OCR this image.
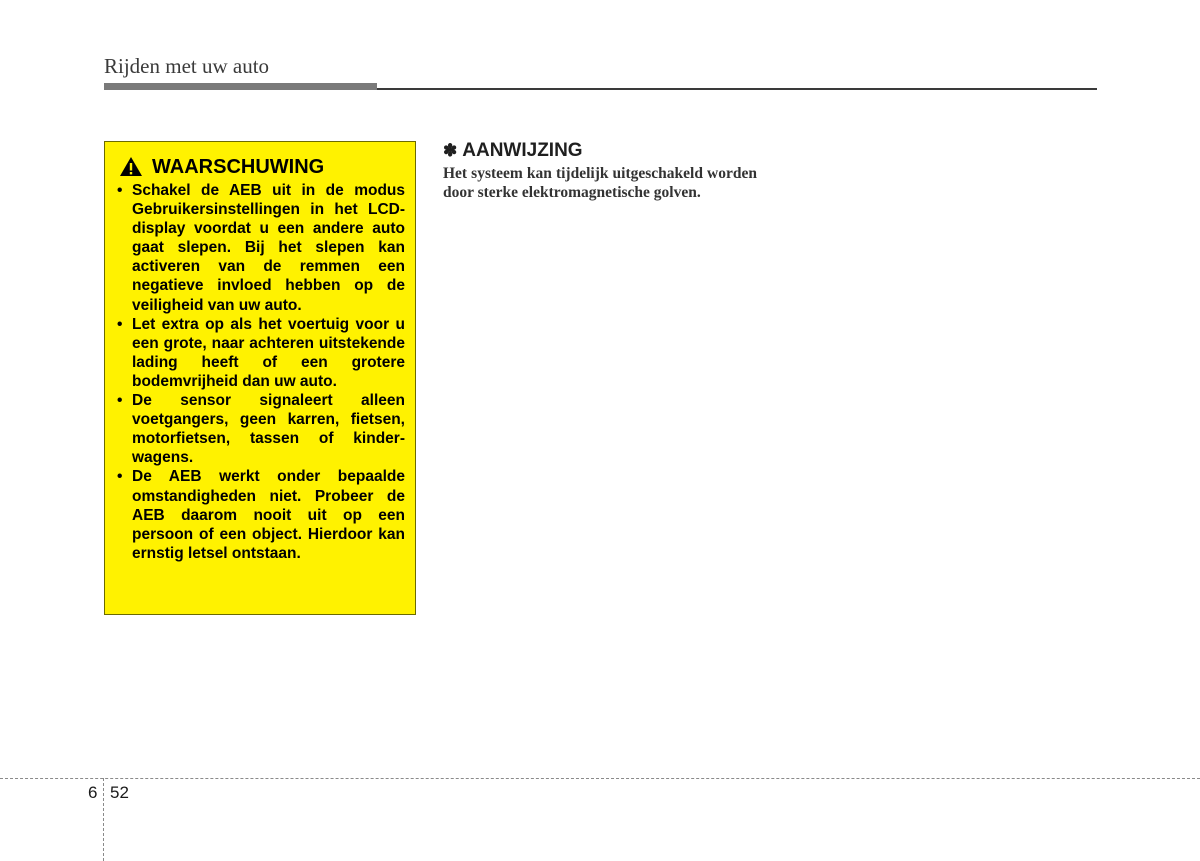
Rijden met uw auto
WAARSCHUWING
• Schakel de AEB uit in de modus Gebruikersinstellingen in het LCD-display voordat u een andere auto gaat slepen. Bij het slepen kan activeren van de remmen een negatieve invloed hebben op de veiligheid van uw auto.
• Let extra op als het voertuig voor u een grote, naar achteren uitstekende lading heeft of een grotere bodemvrijheid dan uw auto.
• De sensor signaleert alleen voetgangers, geen karren, fietsen, motorfietsen, tassen of kinderwagens.
• De AEB werkt onder bepaalde omstandigheden niet. Probeer de AEB daarom nooit uit op een persoon of een object. Hierdoor kan ernstig letsel ontstaan.
✽ AANWIJZING
Het systeem kan tijdelijk uitgeschakeld worden door sterke elektromagnetische golven.
6 52
